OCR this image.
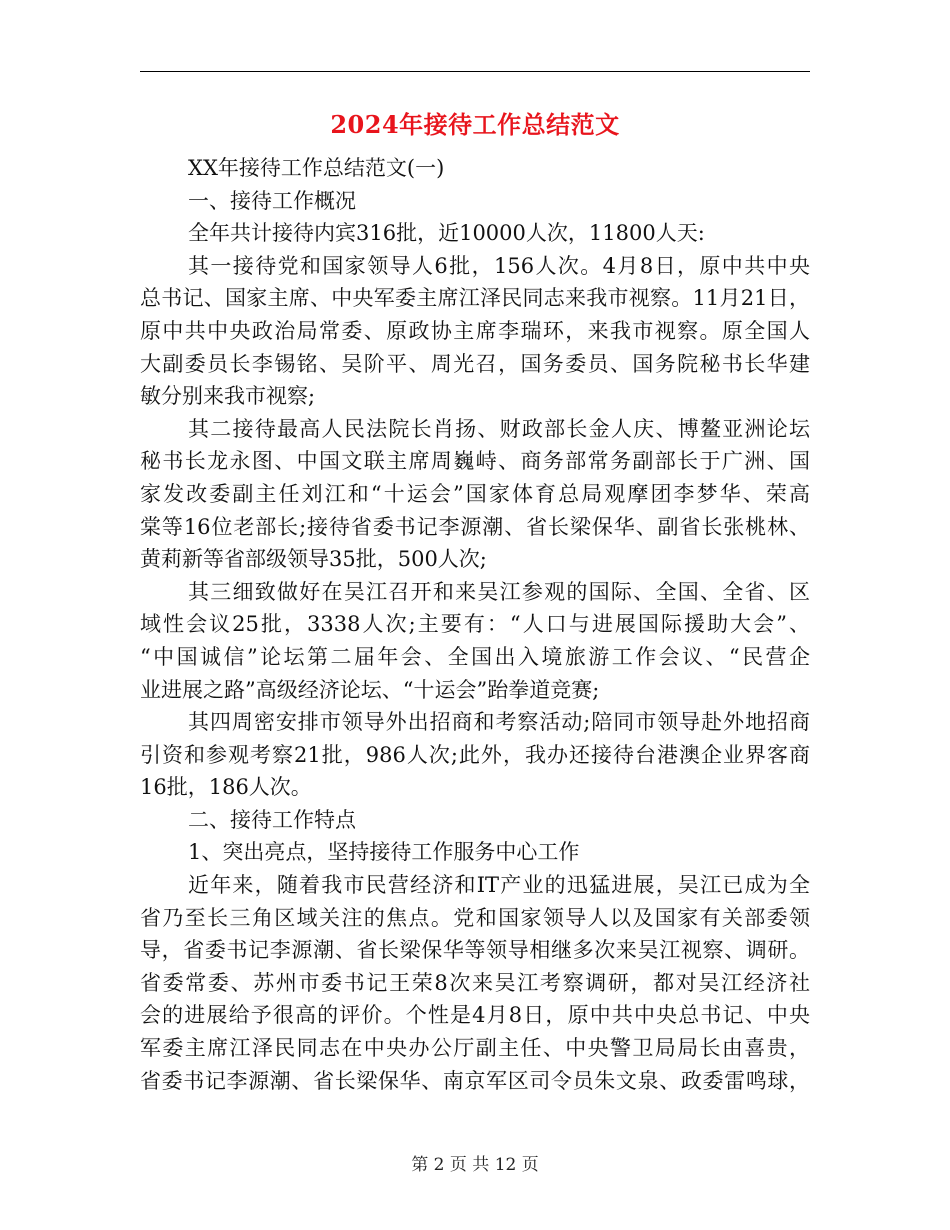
2024年接待工作总结范文
XX年接待工作总结范文(一)
一、接待工作概况
全年共计接待内宾316批，近10000人次，11800人天:
其一接待党和国家领导人6批，156人次。4月8日，原中共中央
总书记、国家主席、中央军委主席江泽民同志来我市视察。11月21日，
原中共中央政治局常委、原政协主席李瑞环，来我市视察。原全国人
大副委员长李锡铭、吴阶平、周光召，国务委员、国务院秘书长华建
敏分别来我市视察;
其二接待最高人民法院长肖扬、财政部长金人庆、博鳌亚洲论坛
秘书长龙永图、中国文联主席周巍峙、商务部常务副部长于广洲、国
家发改委副主任刘江和“十运会”国家体育总局观摩团李梦华、荣高
棠等16位老部长;接待省委书记李源潮、省长梁保华、副省长张桃林、
黄莉新等省部级领导35批，500人次;
其三细致做好在吴江召开和来吴江参观的国际、全国、全省、区
域性会议25批，3338人次;主要有：“人口与进展国际援助大会”、
“中国诚信”论坛第二届年会、全国出入境旅游工作会议、“民营企
业进展之路”高级经济论坛、“十运会”跆拳道竞赛;
其四周密安排市领导外出招商和考察活动;陪同市领导赴外地招商
引资和参观考察21批，986人次;此外，我办还接待台港澳企业界客商
16批，186人次。
二、接待工作特点
1、突出亮点，坚持接待工作服务中心工作
近年来，随着我市民营经济和IT产业的迅猛进展，吴江已成为全
省乃至长三角区域关注的焦点。党和国家领导人以及国家有关部委领
导，省委书记李源潮、省长梁保华等领导相继多次来吴江视察、调研。
省委常委、苏州市委书记王荣8次来吴江考察调研，都对吴江经济社
会的进展给予很高的评价。个性是4月8日，原中共中央总书记、中央
军委主席江泽民同志在中央办公厅副主任、中央警卫局局长由喜贵，
省委书记李源潮、省长梁保华、南京军区司令员朱文泉、政委雷鸣球，
第 2 页 共 12 页
